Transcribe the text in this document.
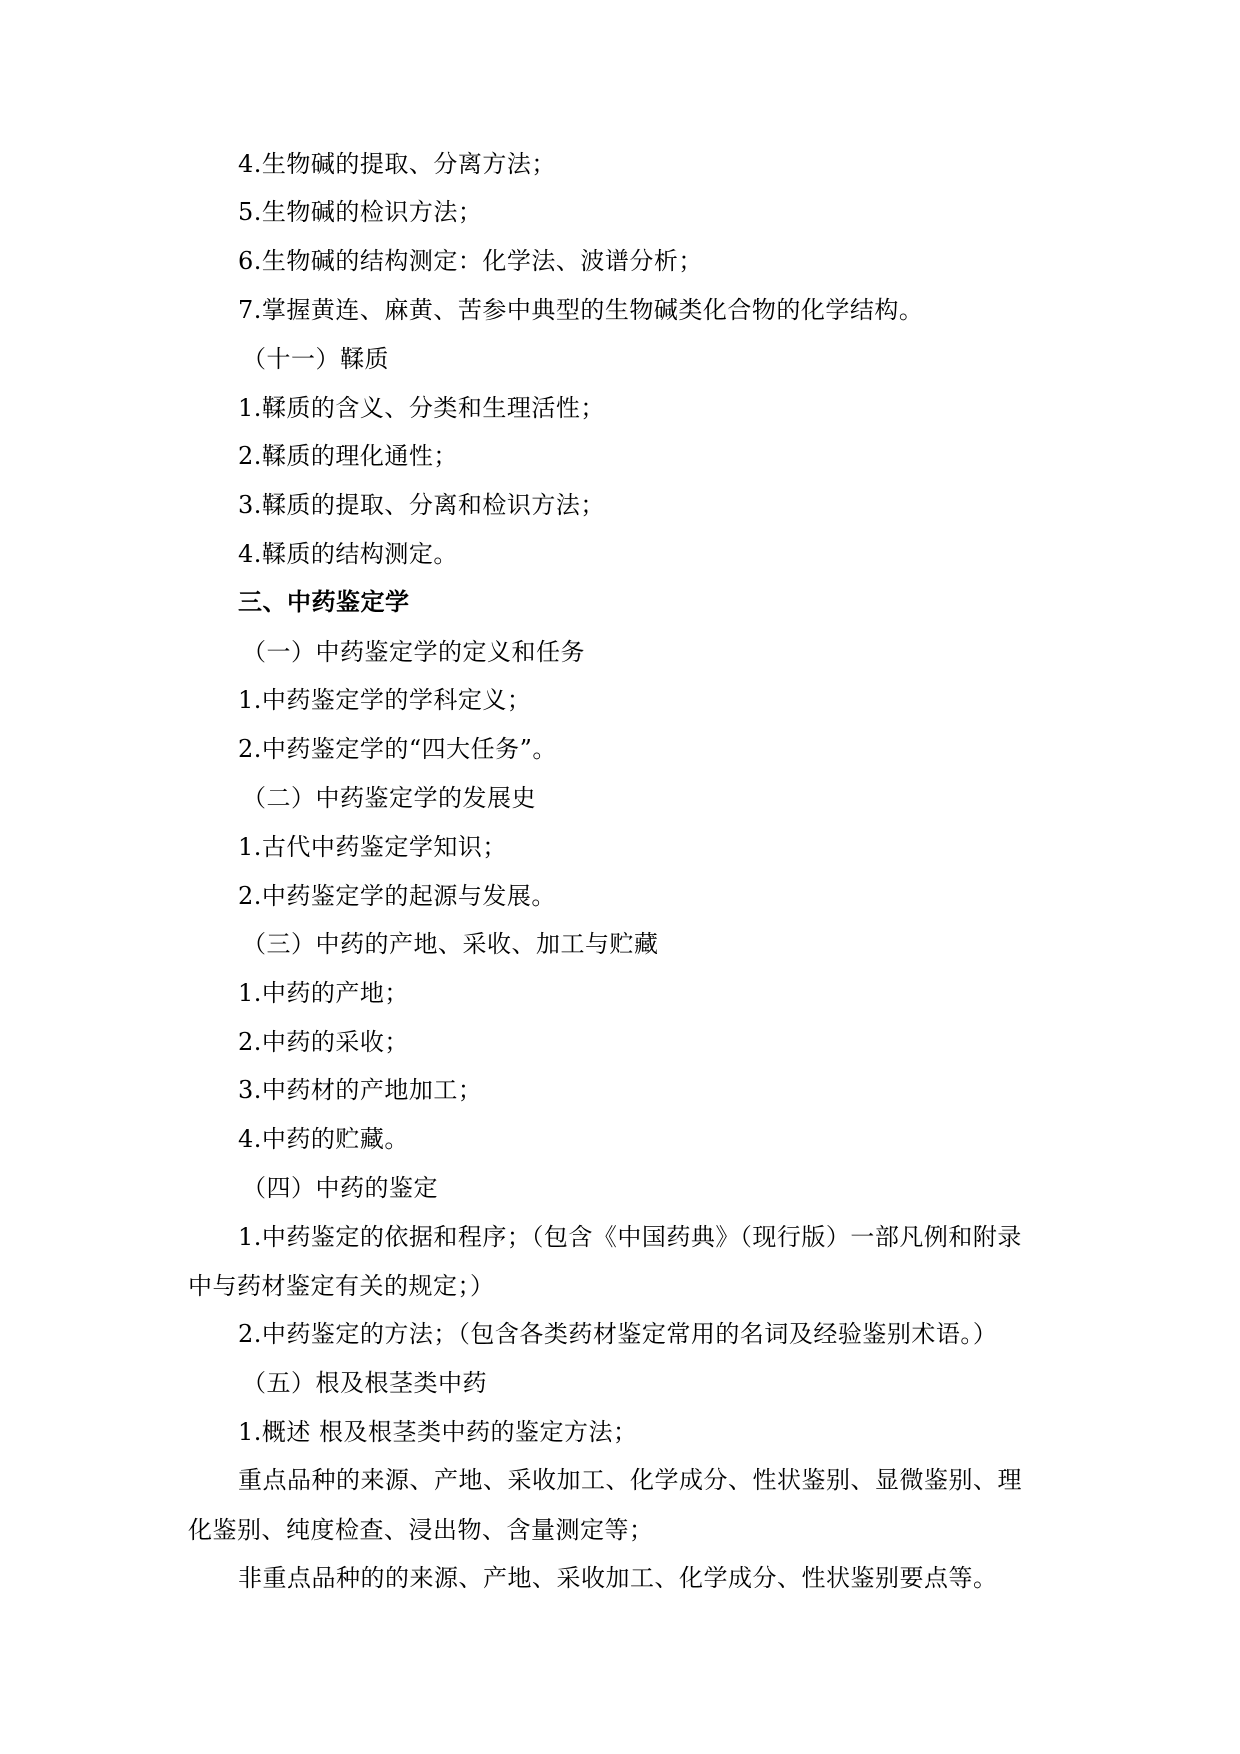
4.生物碱的提取、分离方法；
5.生物碱的检识方法；
6.生物碱的结构测定：化学法、波谱分析；
7.掌握黄连、麻黄、苦参中典型的生物碱类化合物的化学结构。
（十一）鞣质
1.鞣质的含义、分类和生理活性；
2.鞣质的理化通性；
3.鞣质的提取、分离和检识方法；
4.鞣质的结构测定。
三、中药鉴定学
（一）中药鉴定学的定义和任务
1.中药鉴定学的学科定义；
2.中药鉴定学的“四大任务”。
（二）中药鉴定学的发展史
1.古代中药鉴定学知识；
2.中药鉴定学的起源与发展。
（三）中药的产地、采收、加工与贮藏
1.中药的产地；
2.中药的采收；
3.中药材的产地加工；
4.中药的贮藏。
（四）中药的鉴定
1.中药鉴定的依据和程序；（包含《中国药典》（现行版）一部凡例和附录
中与药材鉴定有关的规定；）
2.中药鉴定的方法；（包含各类药材鉴定常用的名词及经验鉴别术语。）
（五）根及根茎类中药
1.概述 根及根茎类中药的鉴定方法；
重点品种的来源、产地、采收加工、化学成分、性状鉴别、显微鉴别、理
化鉴别、纯度检查、浸出物、含量测定等；
非重点品种的的来源、产地、采收加工、化学成分、性状鉴别要点等。
